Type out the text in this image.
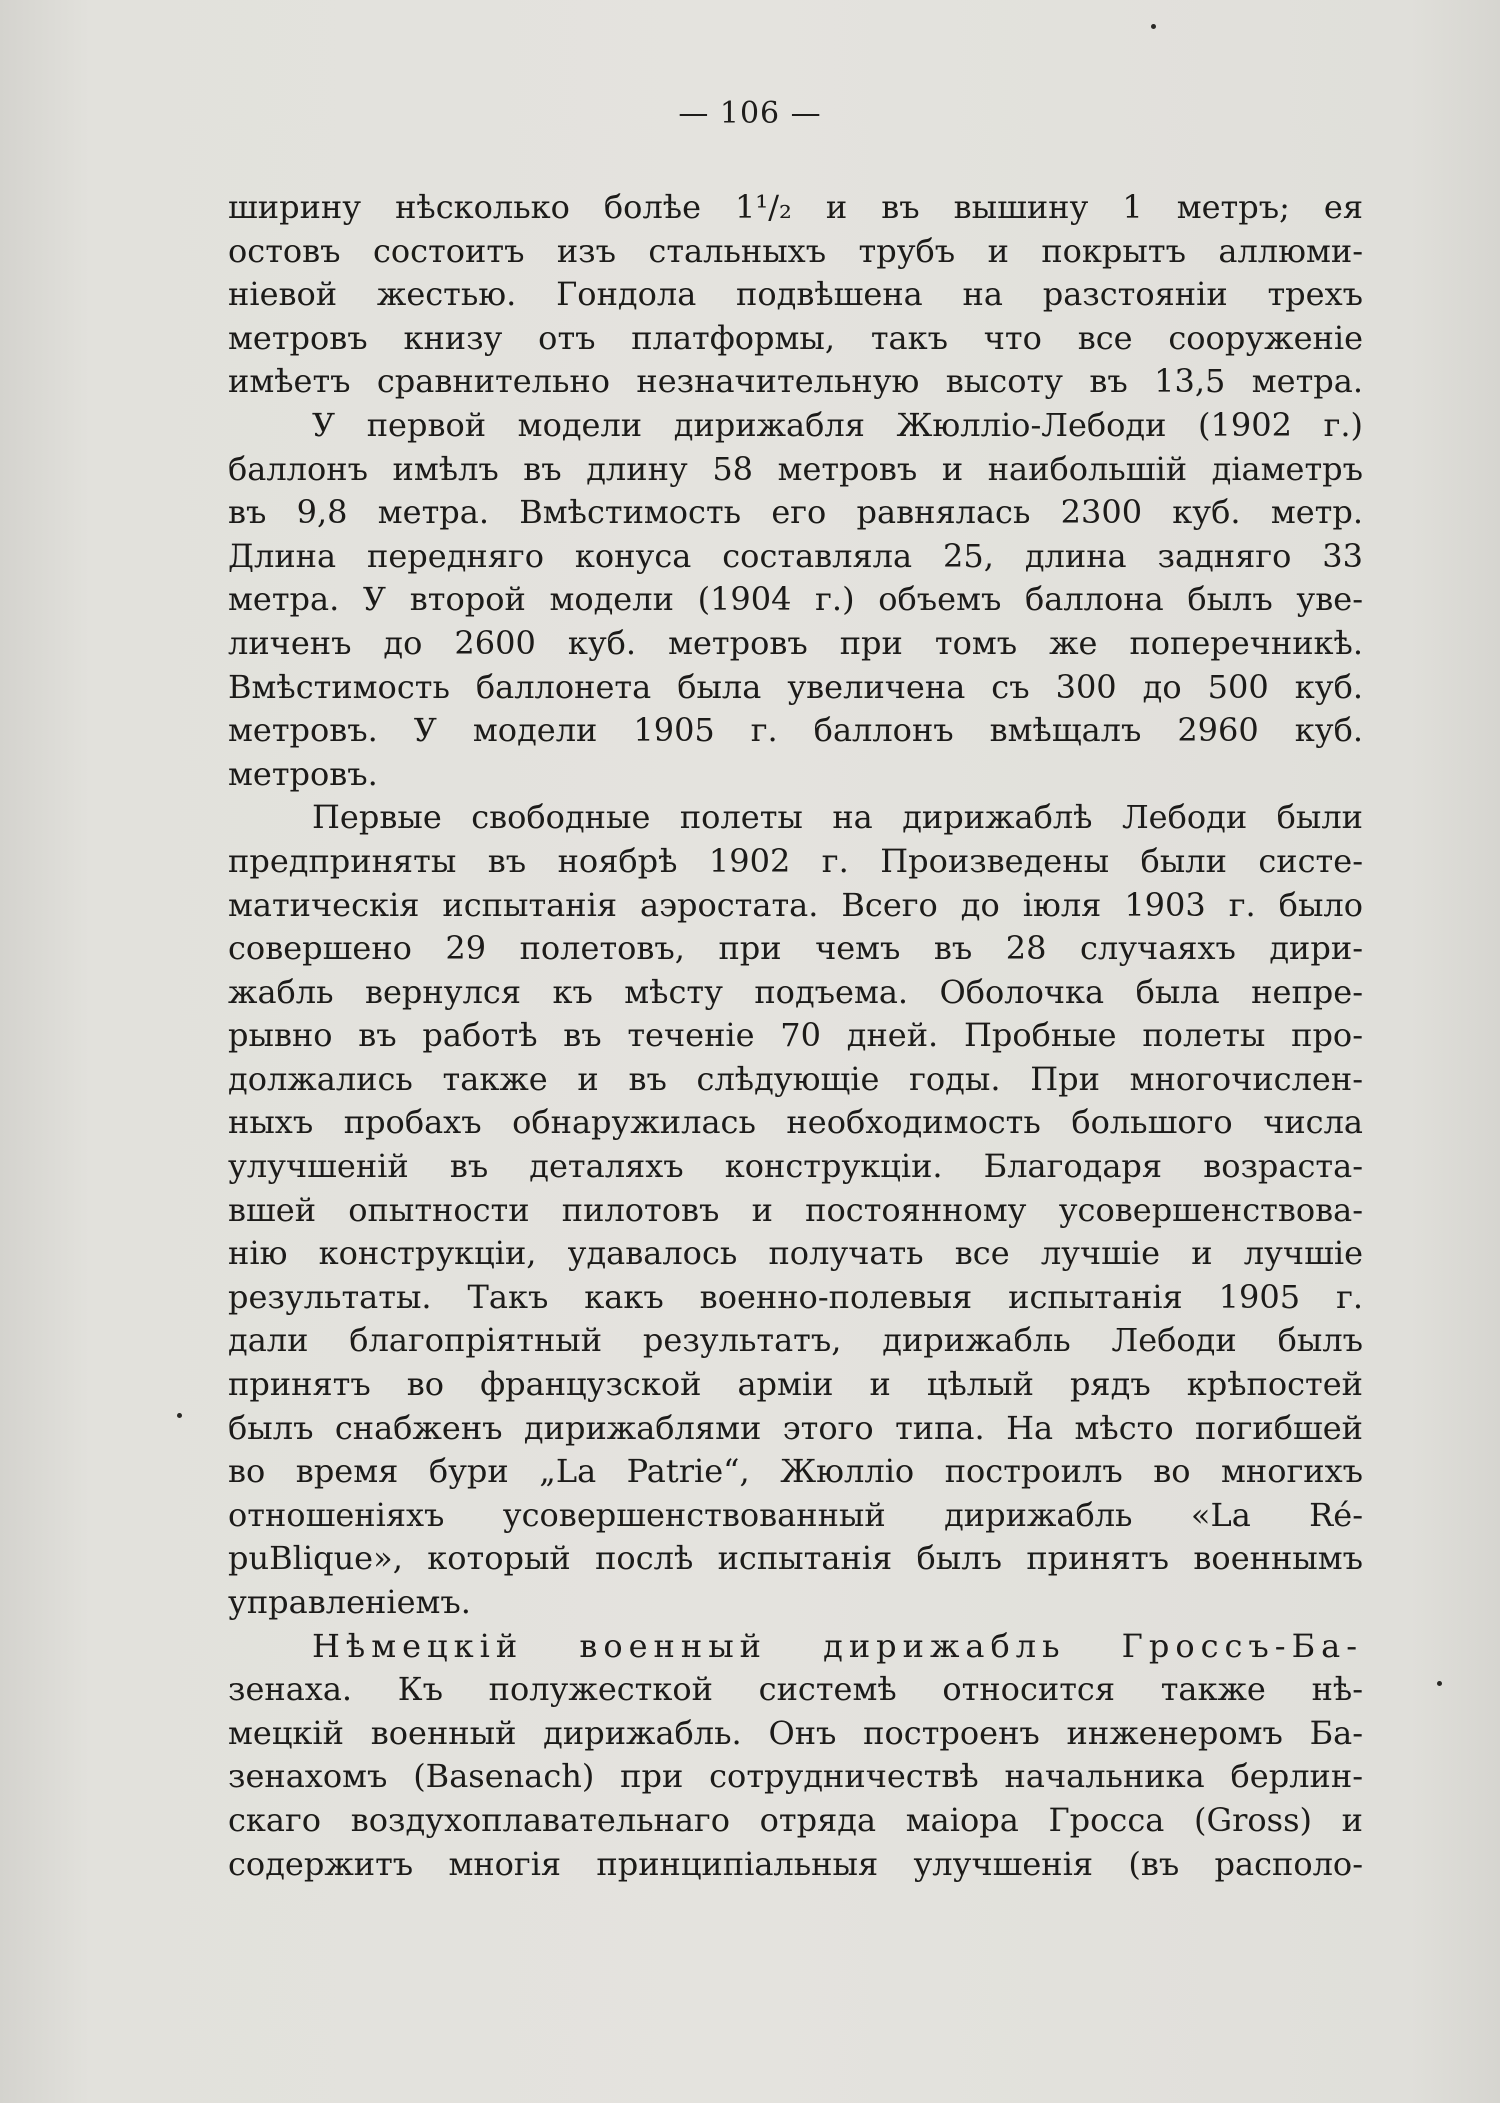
— 106 —
ширину нѣсколько болѣе 1¹/₂ и въ вышину 1 метръ; ея
остовъ состоитъ изъ стальныхъ трубъ и покрытъ аллюми-
ніевой жестью. Гондола подвѣшена на разстояніи трехъ
метровъ книзу отъ платформы, такъ что все сооруженіе
имѣетъ сравнительно незначительную высоту въ 13,5 метра.
У первой модели дирижабля Жюлліо-Лебоди (1902 г.)
баллонъ имѣлъ въ длину 58 метровъ и наибольшій діаметръ
въ 9,8 метра. Вмѣстимость его равнялась 2300 куб. метр.
Длина передняго конуса составляла 25, длина задняго 33
метра. У второй модели (1904 г.) объемъ баллона былъ уве-
личенъ до 2600 куб. метровъ при томъ же поперечникѣ.
Вмѣстимость баллонета была увеличена съ 300 до 500 куб.
метровъ. У модели 1905 г. баллонъ вмѣщалъ 2960 куб.
метровъ.
Первые свободные полеты на дирижаблѣ Лебоди были
предприняты въ ноябрѣ 1902 г. Произведены были систе-
матическія испытанія аэростата. Всего до іюля 1903 г. было
совершено 29 полетовъ, при чемъ въ 28 случаяхъ дири-
жабль вернулся къ мѣсту подъема. Оболочка была непре-
рывно въ работѣ въ теченіе 70 дней. Пробные полеты про-
должались также и въ слѣдующіе годы. При многочислен-
ныхъ пробахъ обнаружилась необходимость большого числа
улучшеній въ деталяхъ конструкціи. Благодаря возраста-
вшей опытности пилотовъ и постоянному усовершенствова-
нію конструкціи, удавалось получать все лучшіе и лучшіе
результаты. Такъ какъ военно-полевыя испытанія 1905 г.
дали благопріятный результатъ, дирижабль Лебоди былъ
принятъ во французской арміи и цѣлый рядъ крѣпостей
былъ снабженъ дирижаблями этого типа. На мѣсто погибшей
во время бури „La Patrie“, Жюлліо построилъ во многихъ
отношеніяхъ усовершенствованный дирижабль «La Ré-
puBlique», который послѣ испытанія былъ принятъ военнымъ
управленіемъ.
Нѣмецкій военный дирижабль Гроссъ-Ба-
зенаха. Къ полужесткой системѣ относится также нѣ-
мецкій военный дирижабль. Онъ построенъ инженеромъ Ба-
зенахомъ (Basenach) при сотрудничествѣ начальника берлин-
скаго воздухоплавательнаго отряда маіора Гросса (Gross) и
содержитъ многія принципіальныя улучшенія (въ располо-
